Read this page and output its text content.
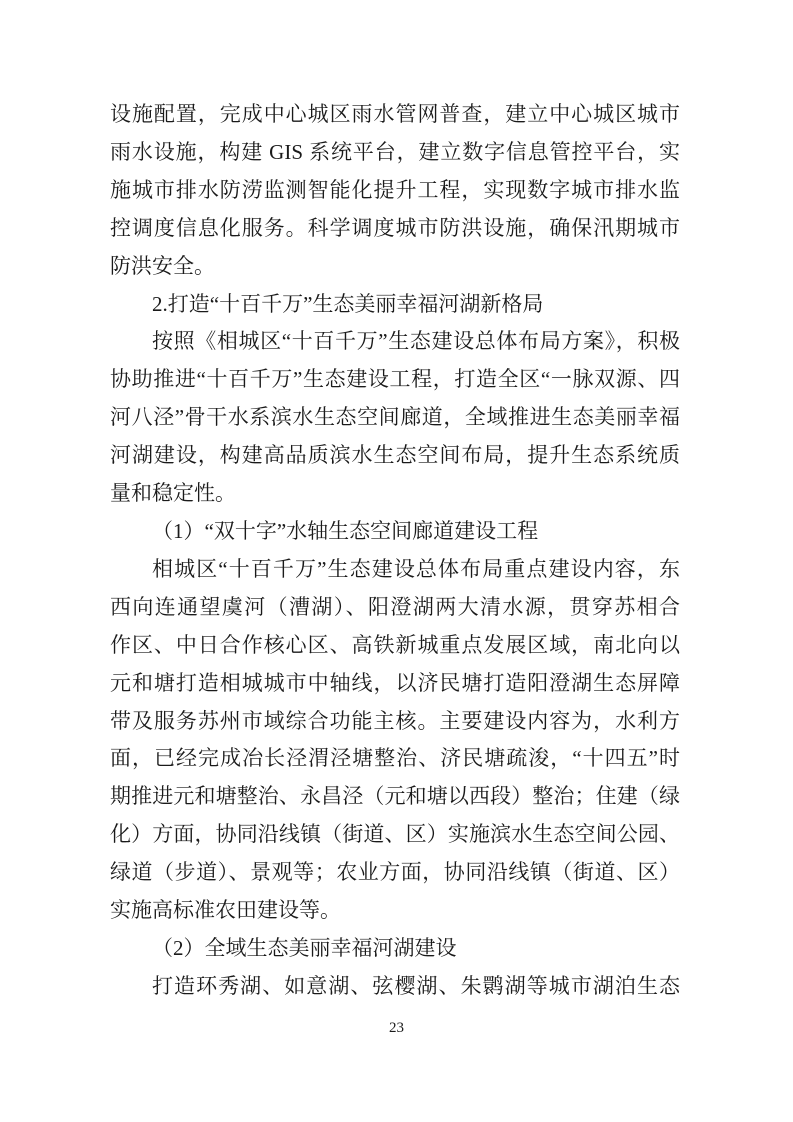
设施配置，完成中心城区雨水管网普查，建立中心城区城市
雨水设施，构建 GIS 系统平台，建立数字信息管控平台，实
施城市排水防涝监测智能化提升工程，实现数字城市排水监
控调度信息化服务。科学调度城市防洪设施，确保汛期城市
防洪安全。
2.打造“十百千万”生态美丽幸福河湖新格局
按照《相城区“十百千万”生态建设总体布局方案》，积极
协助推进“十百千万”生态建设工程，打造全区“一脉双源、四
河八泾”骨干水系滨水生态空间廊道，全域推进生态美丽幸福
河湖建设，构建高品质滨水生态空间布局，提升生态系统质
量和稳定性。
（1）“双十字”水轴生态空间廊道建设工程
相城区“十百千万”生态建设总体布局重点建设内容，东
西向连通望虞河（漕湖）、阳澄湖两大清水源，贯穿苏相合
作区、中日合作核心区、高铁新城重点发展区域，南北向以
元和塘打造相城城市中轴线，以济民塘打造阳澄湖生态屏障
带及服务苏州市域综合功能主核。主要建设内容为，水利方
面，已经完成冶长泾渭泾塘整治、济民塘疏浚，“十四五”时
期推进元和塘整治、永昌泾（元和塘以西段）整治；住建（绿
化）方面，协同沿线镇（街道、区）实施滨水生态空间公园、
绿道（步道）、景观等；农业方面，协同沿线镇（街道、区）
实施高标准农田建设等。
（2）全域生态美丽幸福河湖建设
打造环秀湖、如意湖、弦樱湖、朱鹮湖等城市湖泊生态
23
